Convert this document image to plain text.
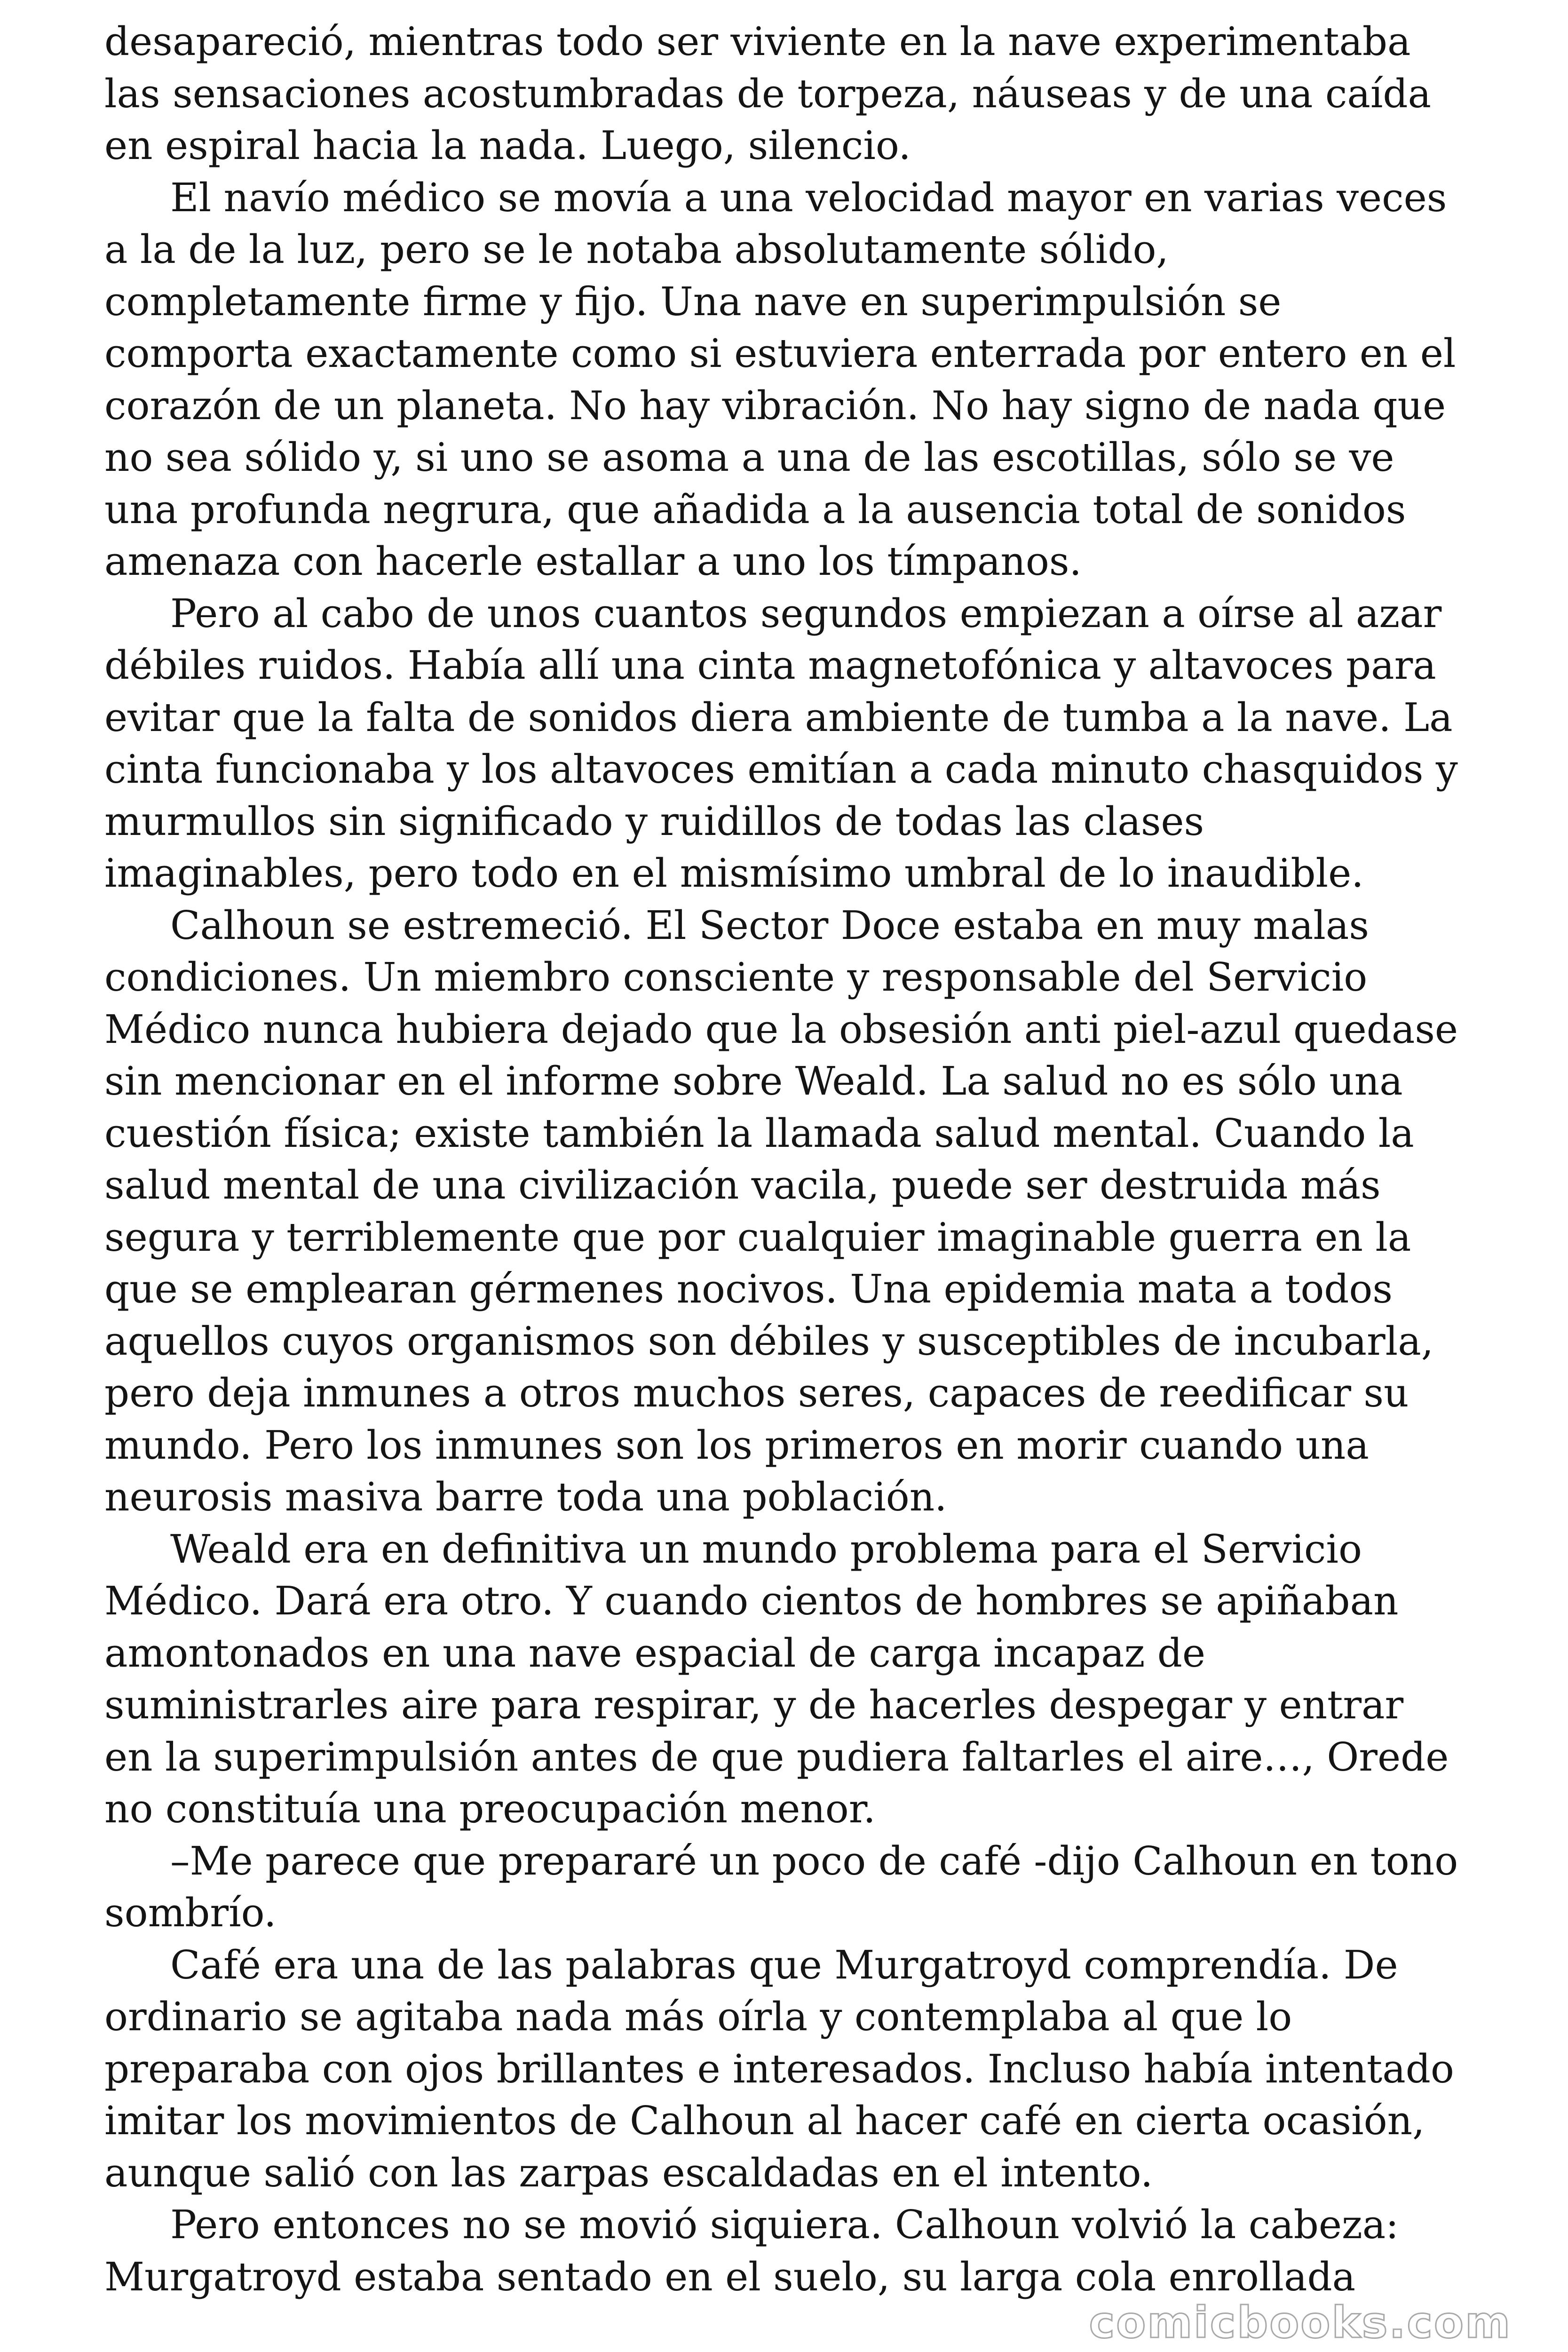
desapareció, mientras todo ser viviente en la nave experimentaba las sensaciones acostumbradas de torpeza, náuseas y de una caída en espiral hacia la nada. Luego, silencio.

El navío médico se movía a una velocidad mayor en varias veces a la de la luz, pero se le notaba absolutamente sólido, completamente firme y fijo. Una nave en superimpulsión se comporta exactamente como si estuviera enterrada por entero en el corazón de un planeta. No hay vibración. No hay signo de nada que no sea sólido y, si uno se asoma a una de las escotillas, sólo se ve una profunda negrura, que añadida a la ausencia total de sonidos amenaza con hacerle estallar a uno los tímpanos.

Pero al cabo de unos cuantos segundos empiezan a oírse al azar débiles ruidos. Había allí una cinta magnetofónica y altavoces para evitar que la falta de sonidos diera ambiente de tumba a la nave. La cinta funcionaba y los altavoces emitían a cada minuto chasquidos y murmullos sin significado y ruidillos de todas las clases imaginables, pero todo en el mismísimo umbral de lo inaudible.

Calhoun se estremeció. El Sector Doce estaba en muy malas condiciones. Un miembro consciente y responsable del Servicio Médico nunca hubiera dejado que la obsesión anti piel-azul quedase sin mencionar en el informe sobre Weald. La salud no es sólo una cuestión física; existe también la llamada salud mental. Cuando la salud mental de una civilización vacila, puede ser destruida más segura y terriblemente que por cualquier imaginable guerra en la que se emplearan gérmenes nocivos. Una epidemia mata a todos aquellos cuyos organismos son débiles y susceptibles de incubarla, pero deja inmunes a otros muchos seres, capaces de reedificar su mundo. Pero los inmunes son los primeros en morir cuando una neurosis masiva barre toda una población.

Weald era en definitiva un mundo problema para el Servicio Médico. Dará era otro. Y cuando cientos de hombres se apiñaban amontonados en una nave espacial de carga incapaz de suministrarles aire para respirar, y de hacerles despegar y entrar en la superimpulsión antes de que pudiera faltarles el aire…, Orede no constituía una preocupación menor.

–Me parece que prepararé un poco de café -dijo Calhoun en tono sombrío.

Café era una de las palabras que Murgatroyd comprendía. De ordinario se agitaba nada más oírla y contemplaba al que lo preparaba con ojos brillantes e interesados. Incluso había intentado imitar los movimientos de Calhoun al hacer café en cierta ocasión, aunque salió con las zarpas escaldadas en el intento.

Pero entonces no se movió siquiera. Calhoun volvió la cabeza: Murgatroyd estaba sentado en el suelo, su larga cola enrollada

comicbooks.com
